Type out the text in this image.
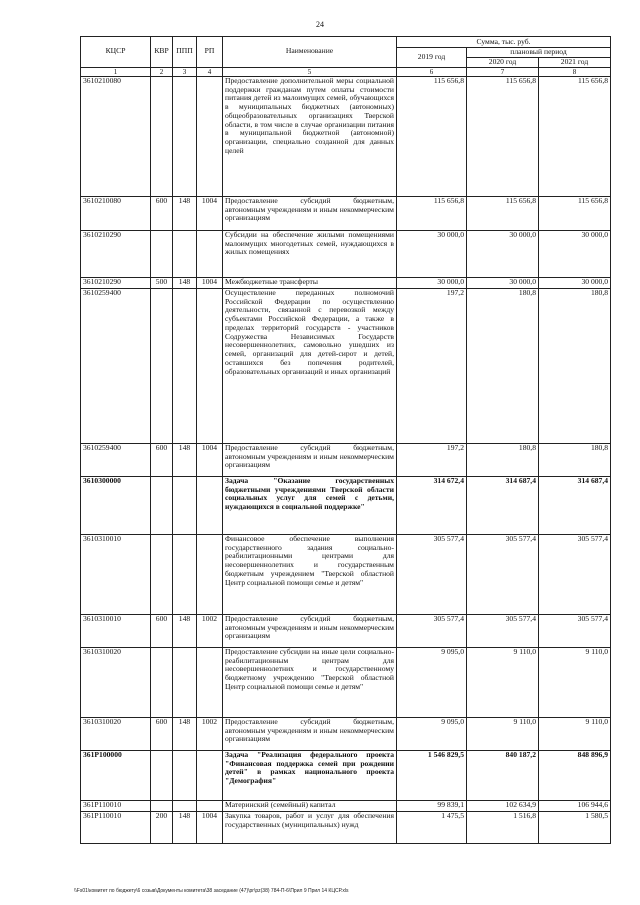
24
КЦСР	КВР	ППП	РП	Наименование	Сумма, тыс. руб.		
					2019 год	плановый период	
						2020 год	2021 год
1	2	3	4	5	6	7	8
3610210080				Предоставление дополнительной меры социальной поддержки гражданам путем оплаты стоимости питания детей из малоимущих семей, обучающихся в муниципальных бюджетных (автономных) общеобразовательных организациях Тверской области, в том числе в случае организации питания в муниципальной бюджетной (автономной) организации, специально созданной для данных целей	115 656,8	115 656,8	115 656,8
3610210080	600	148	1004	Предоставление субсидий бюджетным, автономным учреждениям и иным некоммерческим организациям	115 656,8	115 656,8	115 656,8
3610210290				Субсидии на обеспечение жилыми помещениями малоимущих многодетных семей, нуждающихся в жилых помещениях	30 000,0	30 000,0	30 000,0
3610210290	500	148	1004	Межбюджетные трансферты	30 000,0	30 000,0	30 000,0
3610259400				Осуществление переданных полномочий Российской Федерации по осуществлению деятельности, связанной с перевозкой между субъектами Российской Федерации, а также в пределах территорий государств - участников Содружества Независимых Государств несовершеннолетних, самовольно ушедших из семей, организаций для детей-сирот и детей, оставшихся без попечения родителей, образовательных организаций и иных организаций	197,2	180,8	180,8
3610259400	600	148	1004	Предоставление субсидий бюджетным, автономным учреждениям и иным некоммерческим организациям	197,2	180,8	180,8
3610300000				Задача "Оказание государственных бюджетными учреждениями Тверской области социальных услуг для семей с детьми, нуждающихся в социальной поддержке"	314 672,4	314 687,4	314 687,4
3610310010				Финансовое обеспечение выполнения государственного задания социально-реабилитационными центрами для несовершеннолетних и государственным бюджетным учреждением "Тверской областной Центр социальной помощи семье и детям"	305 577,4	305 577,4	305 577,4
3610310010	600	148	1002	Предоставление субсидий бюджетным, автономным учреждениям и иным некоммерческим организациям	305 577,4	305 577,4	305 577,4
3610310020				Предоставление субсидии на иные цели социально-реабилитационным центрам для несовершеннолетних и государственному бюджетному учреждению "Тверской областной Центр социальной помощи семье и детям"	9 095,0	9 110,0	9 110,0
3610310020	600	148	1002	Предоставление субсидий бюджетным, автономным учреждениям и иным некоммерческим организациям	9 095,0	9 110,0	9 110,0
361P100000				Задача "Реализация федерального проекта "Финансовая поддержка семей при рождении детей" в рамках национального проекта "Демография"	1 546 829,5	840 187,2	848 896,9
361P110010				Материнский (семейный) капитал	99 839,1	102 634,9	106 944,6
361P110010	200	148	1004	Закупка товаров, работ и услуг для обеспечения государственных (муниципальных) нужд	1 475,5	1 516,8	1 580,5
\\Fs01\комитет по бюджету\6 созыв\Документы комитета\38 заседание (47)\pr\pz(38) 784-П-6\Прил 9 Прил 14 КЦСР.xls
